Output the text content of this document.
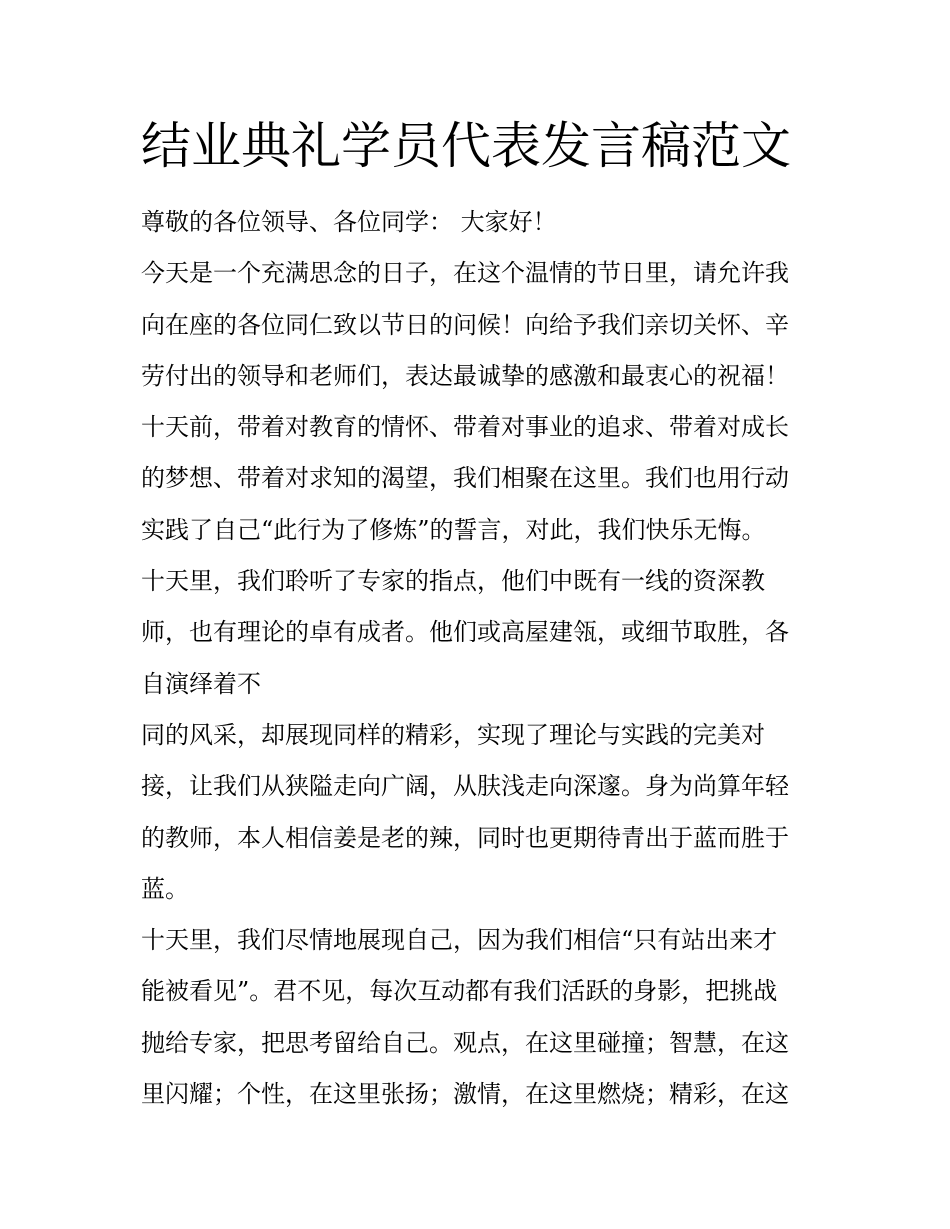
结业典礼学员代表发言稿范文
尊敬的各位领导、各位同学： 大家好！
今天是一个充满思念的日子，在这个温情的节日里，请允许我
向在座的各位同仁致以节日的问候！向给予我们亲切关怀、辛
劳付出的领导和老师们，表达最诚挚的感激和最衷心的祝福！
十天前，带着对教育的情怀、带着对事业的追求、带着对成长
的梦想、带着对求知的渴望，我们相聚在这里。我们也用行动
实践了自己“此行为了修炼”的誓言，对此，我们快乐无悔。
十天里，我们聆听了专家的指点，他们中既有一线的资深教
师，也有理论的卓有成者。他们或高屋建瓴，或细节取胜，各
自演绎着不
同的风采，却展现同样的精彩，实现了理论与实践的完美对
接，让我们从狭隘走向广阔，从肤浅走向深邃。身为尚算年轻
的教师，本人相信姜是老的辣，同时也更期待青出于蓝而胜于
蓝。
十天里，我们尽情地展现自己，因为我们相信“只有站出来才
能被看见”。君不见，每次互动都有我们活跃的身影，把挑战
抛给专家，把思考留给自己。观点，在这里碰撞；智慧，在这
里闪耀；个性，在这里张扬；激情，在这里燃烧；精彩，在这
